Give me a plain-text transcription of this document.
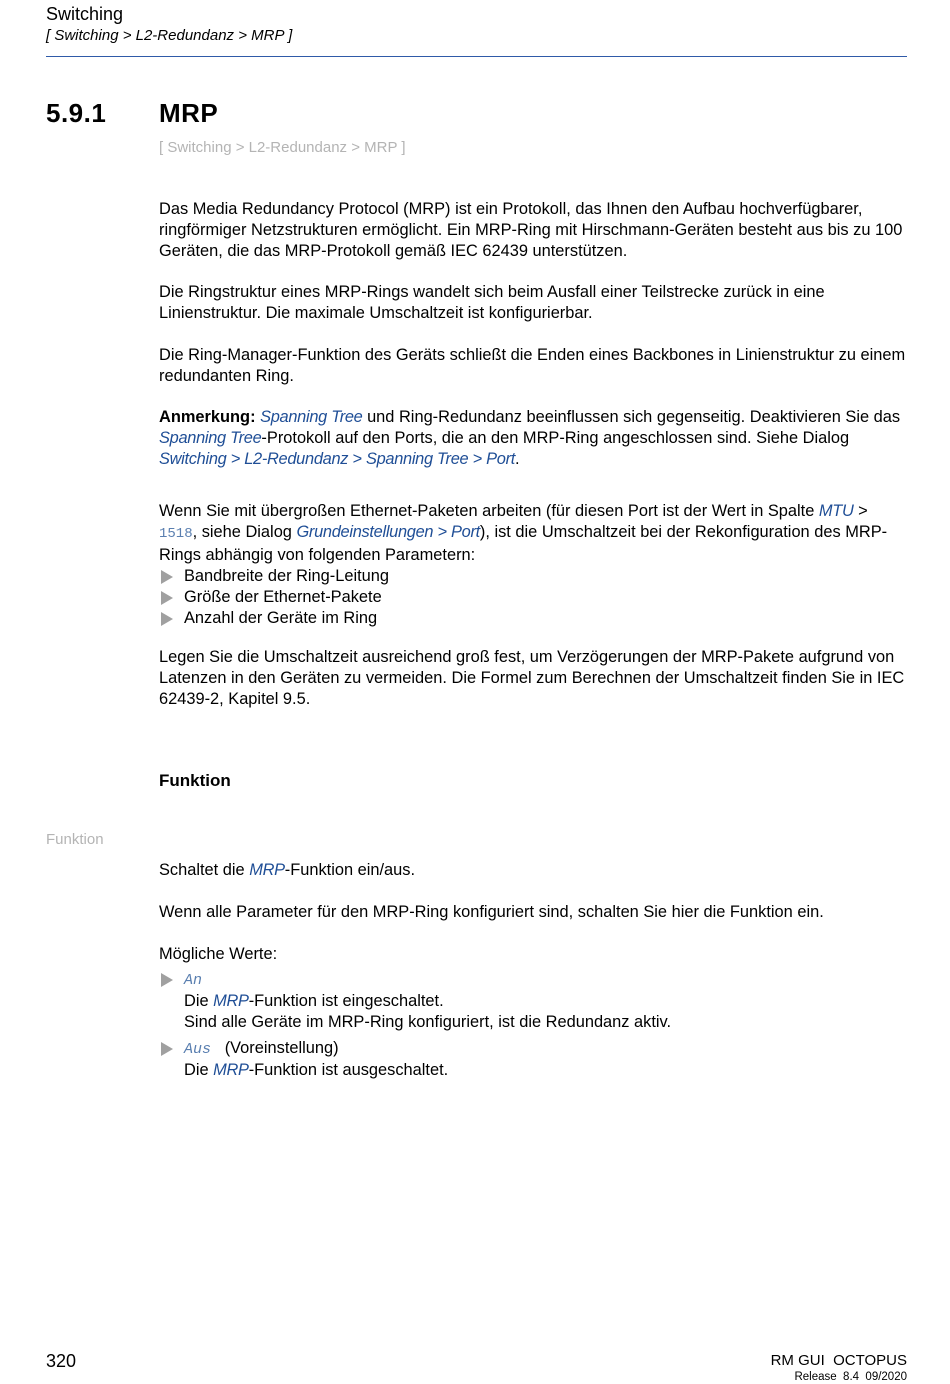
Switching
[ Switching > L2-Redundanz > MRP ]
5.9.1 MRP
[ Switching > L2-Redundanz > MRP ]

Das Media Redundancy Protocol (MRP) ist ein Protokoll, das Ihnen den Aufbau hochverfügbarer, ringförmiger Netzstrukturen ermöglicht. Ein MRP-Ring mit Hirschmann-Geräten besteht aus bis zu 100 Geräten, die das MRP-Protokoll gemäß IEC 62439 unterstützen.

Die Ringstruktur eines MRP-Rings wandelt sich beim Ausfall einer Teilstrecke zurück in eine Linienstruktur. Die maximale Umschaltzeit ist konfigurierbar.

Die Ring-Manager-Funktion des Geräts schließt die Enden eines Backbones in Linienstruktur zu einem redundanten Ring.

Anmerkung: Spanning Tree und Ring-Redundanz beeinflussen sich gegenseitig. Deaktivieren Sie das Spanning Tree-Protokoll auf den Ports, die an den MRP-Ring angeschlossen sind. Siehe Dialog Switching > L2-Redundanz > Spanning Tree > Port.

Wenn Sie mit übergroßen Ethernet-Paketen arbeiten (für diesen Port ist der Wert in Spalte MTU >
1518, siehe Dialog Grundeinstellungen > Port), ist die Umschaltzeit bei der Rekonfiguration des MRP-Rings abhängig von folgenden Parametern:

Bandbreite der Ring-Leitung
Größe der Ethernet-Pakete
Anzahl der Geräte im Ring

Legen Sie die Umschaltzeit ausreichend groß fest, um Verzögerungen der MRP-Pakete aufgrund von Latenzen in den Geräten zu vermeiden. Die Formel zum Berechnen der Umschaltzeit finden Sie in IEC 62439-2, Kapitel 9.5.

Funktion
Funktion

Schaltet die MRP-Funktion ein/aus.

Wenn alle Parameter für den MRP-Ring konfiguriert sind, schalten Sie hier die Funktion ein.

Mögliche Werte:

An
Die MRP-Funktion ist eingeschaltet.
Sind alle Geräte im MRP-Ring konfiguriert, ist die Redundanz aktiv.
Aus (Voreinstellung)
Die MRP-Funktion ist ausgeschaltet.
320	RM GUI  OCTOPUS
Release  8.4  09/2020
